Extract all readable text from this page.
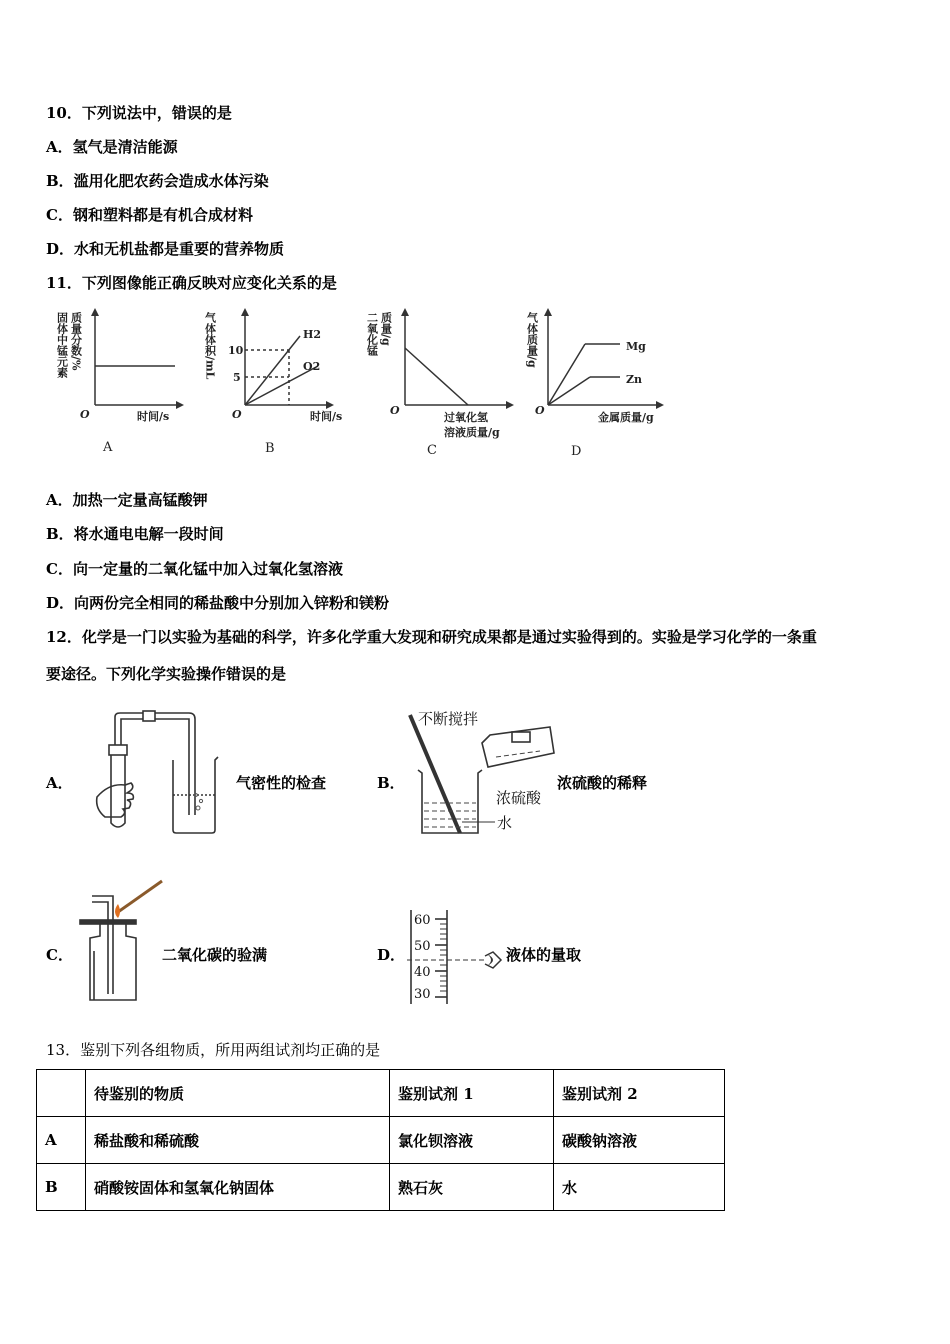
10．下列说法中，错误的是
A．氢气是清洁能源
B．滥用化肥农药会造成水体污染
C．钢和塑料都是有机合成材料
D．水和无机盐都是重要的营养物质
11．下列图像能正确反映对应变化关系的是
固体中锰元素 质量分数/%
O	时间/s
A
气体体积/mL 10
5
H2
O2
O	时间/s
B
二氧化锰 质量/g
O
过氧化氢
溶液质量/g
C
气体质量/g	Mg
Zn
O
金属质量/g
D
A．加热一定量高锰酸钾
B．将水通电电解一段时间
C．向一定量的二氧化锰中加入过氧化氢溶液
D．向两份完全相同的稀盐酸中分别加入锌粉和镁粉
12．化学是一门以实验为基础的科学，许多化学重大发现和研究成果都是通过实验得到的。实验是学习化学的一条重
要途径。下列化学实验操作错误的是
A．	气密性的检查	B．
不断搅拌
浓硫酸
水
浓硫酸的稀释
C．	二氧化碳的验满	D．
60
50
40
30
液体的量取
13．鉴别下列各组物质，所用两组试剂均正确的是
	待鉴别的物质	鉴别试剂 1	鉴别试剂 2
A	稀盐酸和稀硫酸	氯化钡溶液	碳酸钠溶液
B	硝酸铵固体和氢氧化钠固体	熟石灰	水
